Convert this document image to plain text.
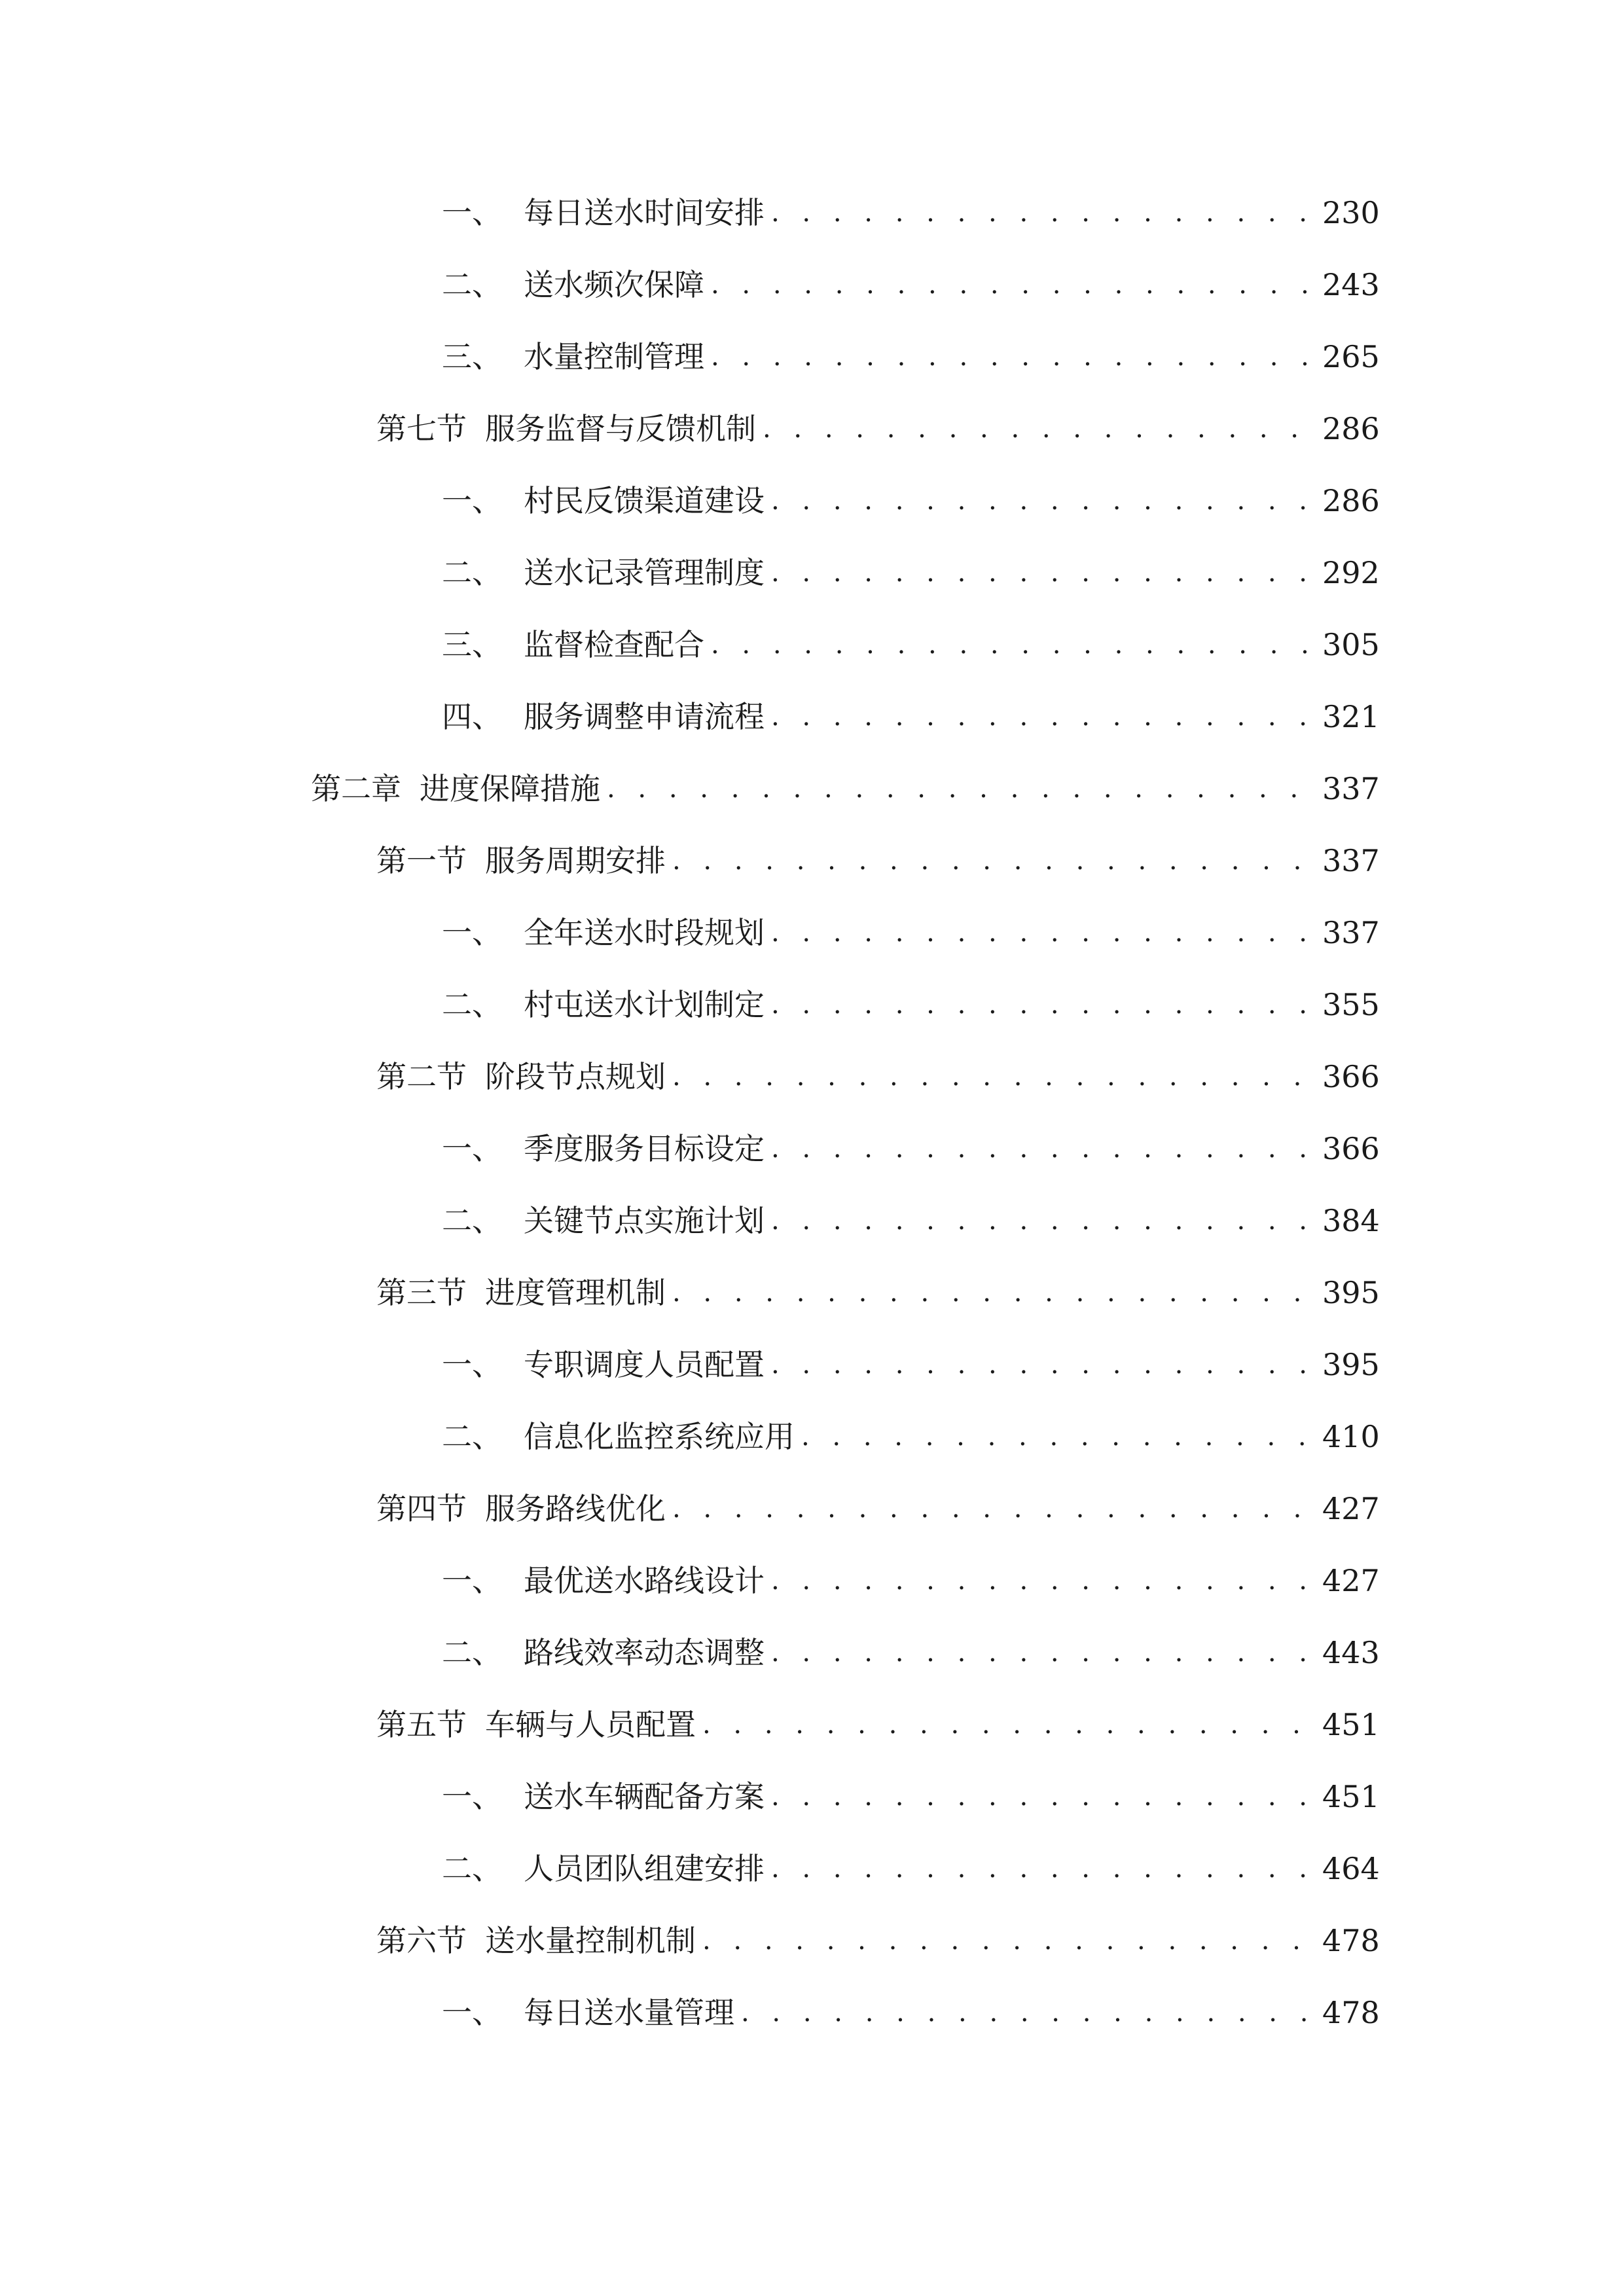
一、 每日送水时间安排 . . .	230
二、 送水频次保障 . . .	243
三、 水量控制管理 . . .	265
第七节 服务监督与反馈机制 . . .	286
一、 村民反馈渠道建设 . . .	286
二、 送水记录管理制度 . . .	292
三、 监督检查配合 . . .	305
四、 服务调整申请流程 . . .	321
第二章 进度保障措施 . . .	337
第一节 服务周期安排 . . .	337
一、 全年送水时段规划 . . .	337
二、 村屯送水计划制定 . . .	355
第二节 阶段节点规划 . . .	366
一、 季度服务目标设定 . . .	366
二、 关键节点实施计划 . . .	384
第三节 进度管理机制 . . .	395
一、 专职调度人员配置 . . .	395
二、 信息化监控系统应用 . . .	410
第四节 服务路线优化 . . .	427
一、 最优送水路线设计 . . .	427
二、 路线效率动态调整 . . .	443
第五节 车辆与人员配置 . . .	451
一、 送水车辆配备方案 . . .	451
二、 人员团队组建安排 . . .	464
第六节 送水量控制机制 . . .	478
一、 每日送水量管理 . . .	478
